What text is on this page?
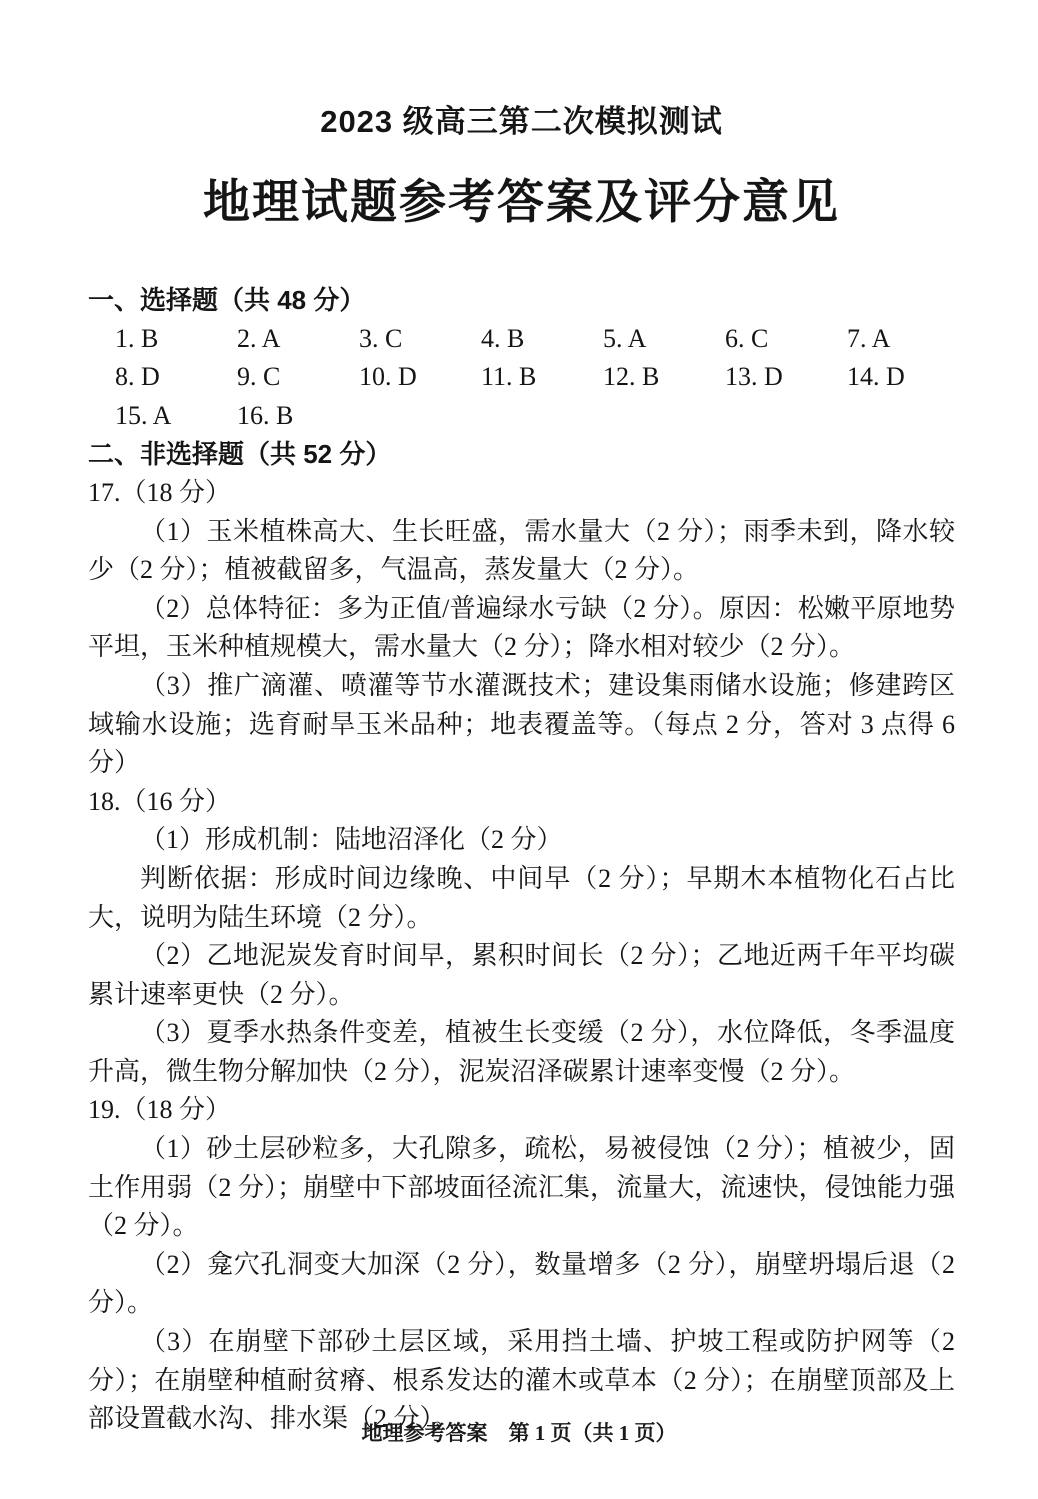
2023 级高三第二次模拟测试
地理试题参考答案及评分意见
一、选择题（共 48 分）
1. B	2. A	3. C	4. B	5. A	6. C	7. A
8. D	9. C	10. D	11. B	12. B	13. D	14. D
15. A	16. B
二、非选择题（共 52 分）

17.（18 分）

（1）玉米植株高大、生长旺盛，需水量大（2 分）；雨季未到，降水较少（2 分）；植被截留多，气温高，蒸发量大（2 分）。

（2）总体特征：多为正值/普遍绿水亏缺（2 分）。原因：松嫩平原地势平坦，玉米种植规模大，需水量大（2 分）；降水相对较少（2 分）。

（3）推广滴灌、喷灌等节水灌溉技术；建设集雨储水设施；修建跨区域输水设施；选育耐旱玉米品种；地表覆盖等。（每点 2 分，答对 3 点得 6 分）

18.（16 分）

（1）形成机制：陆地沼泽化（2 分）

判断依据：形成时间边缘晚、中间早（2 分）；早期木本植物化石占比大，说明为陆生环境（2 分）。

（2）乙地泥炭发育时间早，累积时间长（2 分）；乙地近两千年平均碳累计速率更快（2 分）。

（3）夏季水热条件变差，植被生长变缓（2 分），水位降低，冬季温度升高，微生物分解加快（2 分），泥炭沼泽碳累计速率变慢（2 分）。

19.（18 分）

（1）砂土层砂粒多，大孔隙多，疏松，易被侵蚀（2 分）；植被少，固土作用弱（2 分）；崩壁中下部坡面径流汇集，流量大，流速快，侵蚀能力强（2 分）。

（2）龛穴孔洞变大加深（2 分），数量增多（2 分），崩壁坍塌后退（2 分）。

（3）在崩壁下部砂土层区域，采用挡土墙、护坡工程或防护网等（2 分）；在崩壁种植耐贫瘠、根系发达的灌木或草本（2 分）；在崩壁顶部及上部设置截水沟、排水渠（2 分）。

地理参考答案　第 1 页（共 1 页）
